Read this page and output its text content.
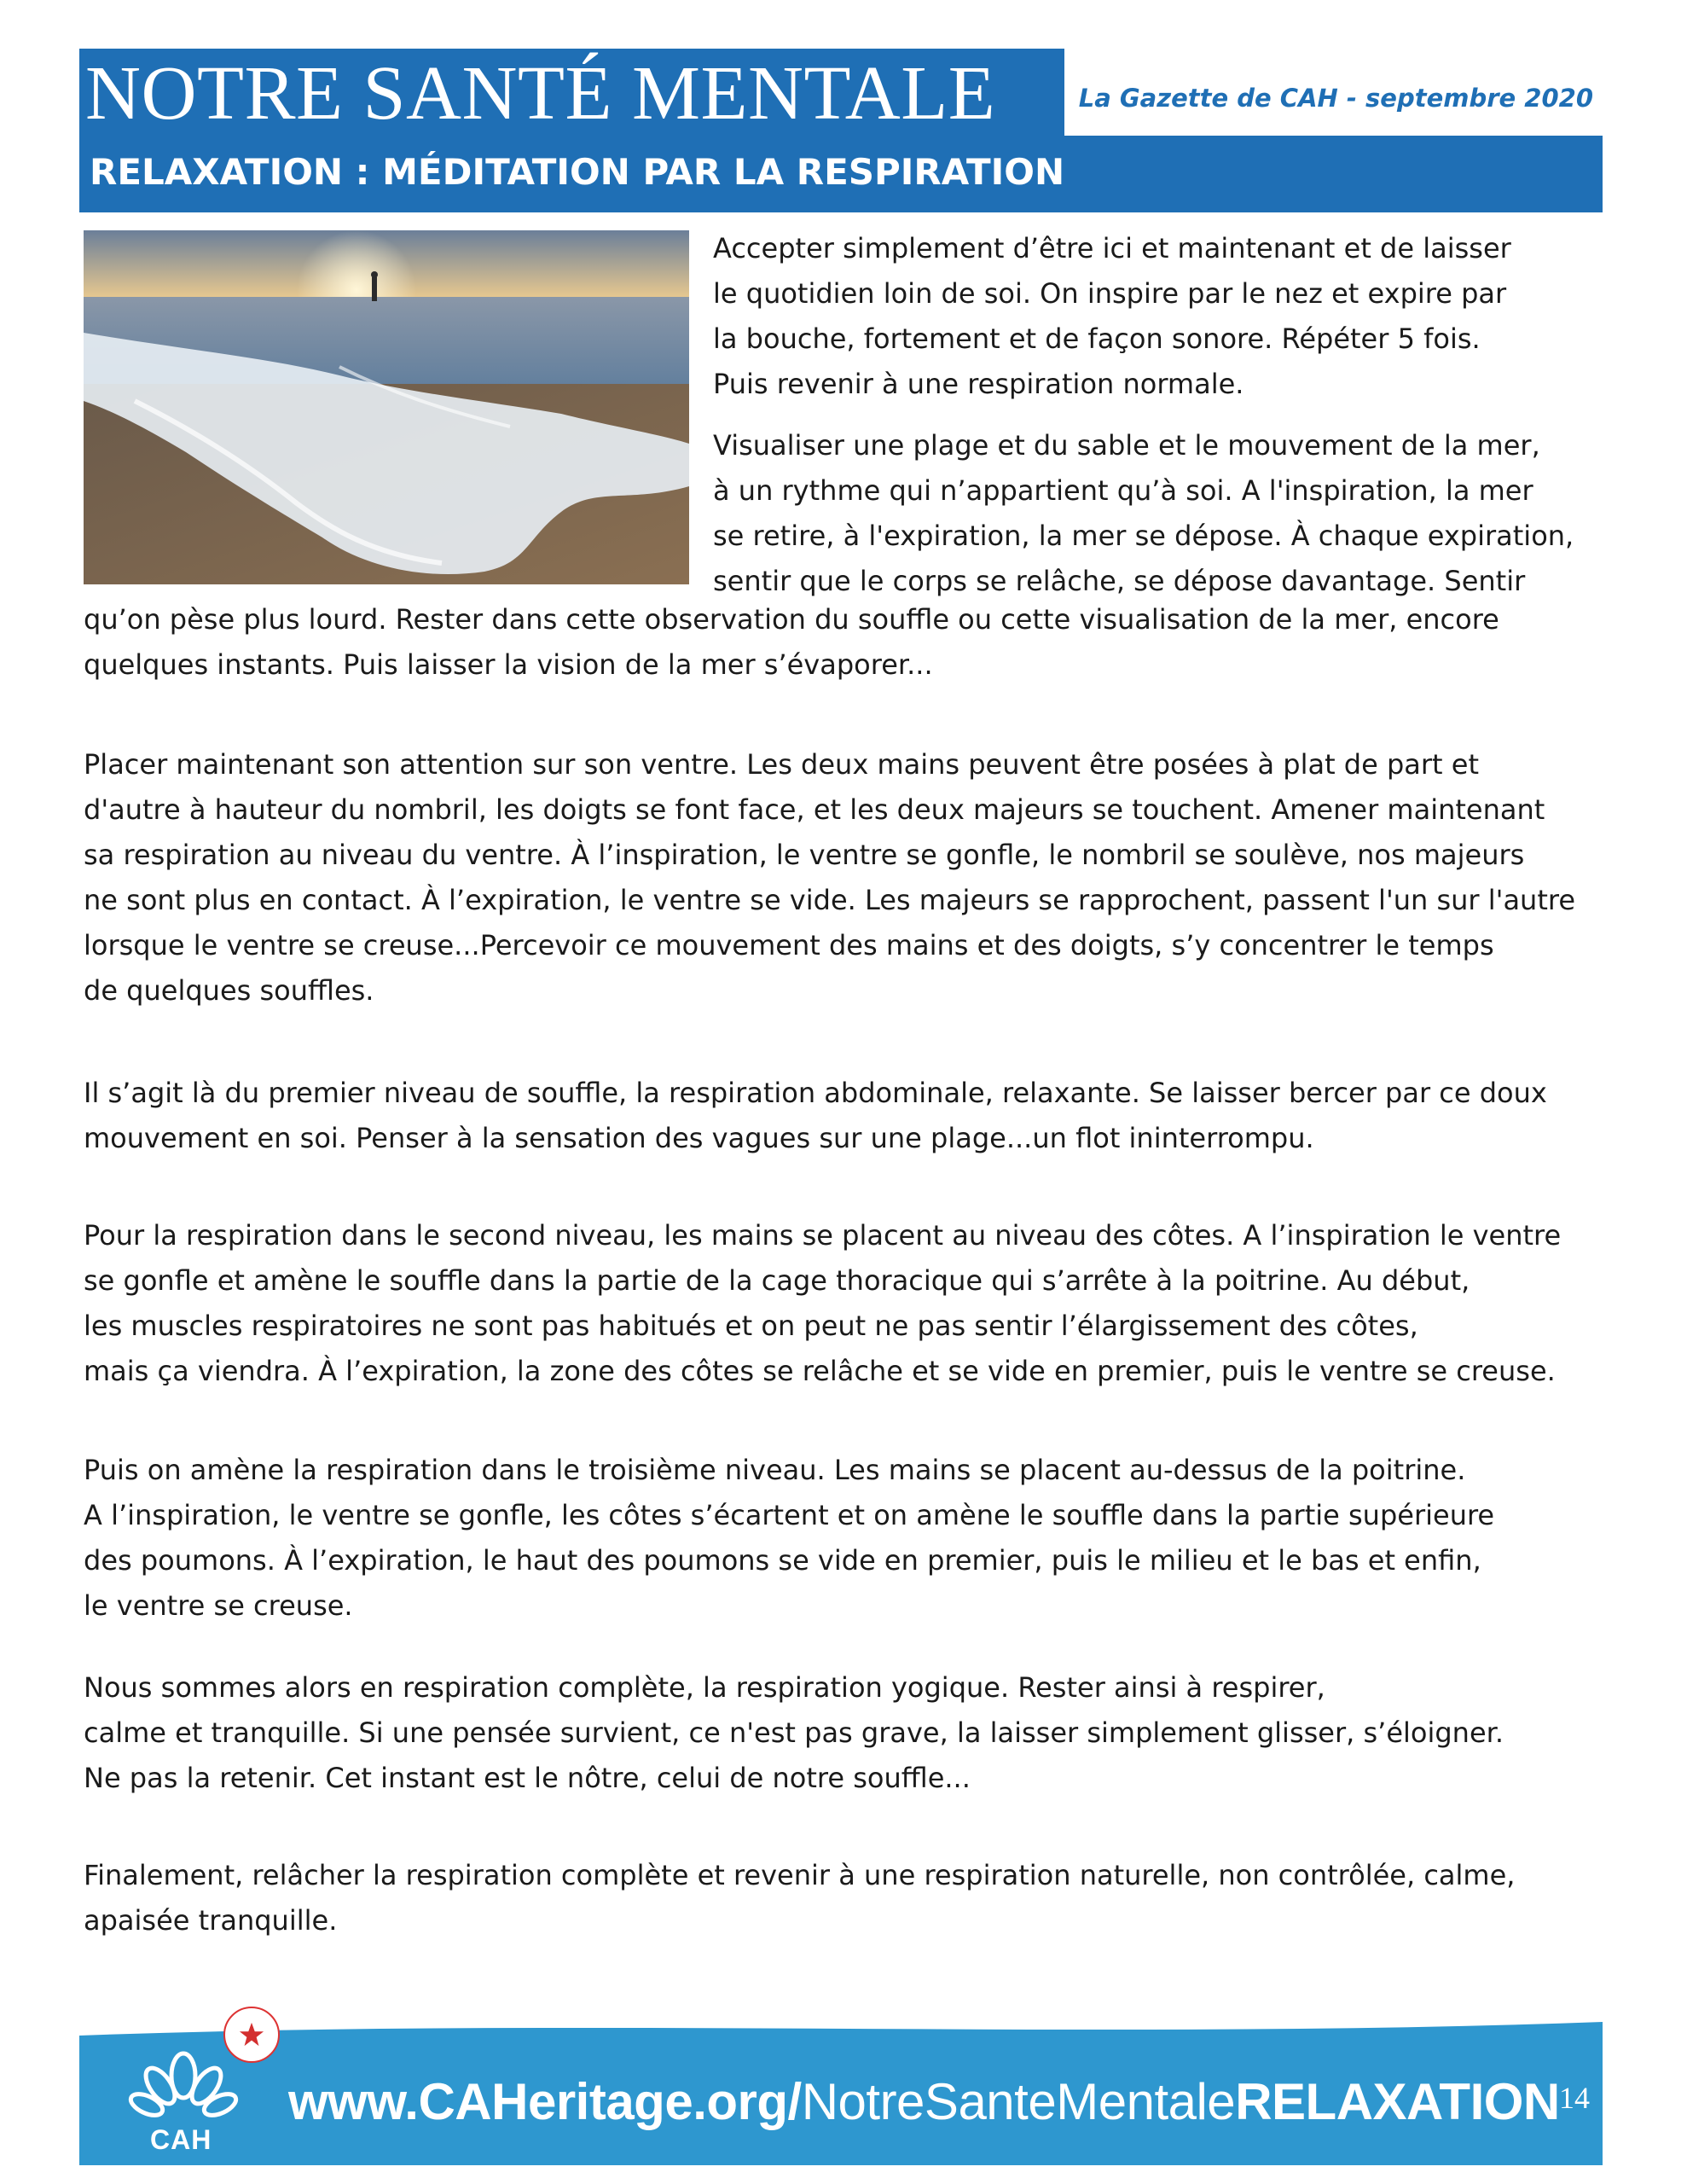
NOTRE SANTÉ MENTALE
RELAXATION : MÉDITATION PAR LA RESPIRATION
La Gazette de CAH - septembre 2020
Accepter simplement d’être ici et maintenant et de laisser
le quotidien loin de soi. On inspire par le nez et expire par
la bouche, fortement et de façon sonore. Répéter 5 fois.
Puis revenir à une respiration normale.
Visualiser une plage et du sable et le mouvement de la mer,
à un rythme qui n’appartient qu’à soi. A l'inspiration, la mer
se retire, à l'expiration, la mer se dépose. À chaque expiration,
sentir que le corps se relâche, se dépose davantage. Sentir
qu’on pèse plus lourd. Rester dans cette observation du souffle ou cette visualisation de la mer, encore
quelques instants. Puis laisser la vision de la mer s’évaporer...
Placer maintenant son attention sur son ventre. Les deux mains peuvent être posées à plat de part et
d'autre à hauteur du nombril, les doigts se font face, et les deux majeurs se touchent. Amener maintenant
sa respiration au niveau du ventre. À l’inspiration, le ventre se gonfle, le nombril se soulève, nos majeurs
ne sont plus en contact. À l’expiration, le ventre se vide. Les majeurs se rapprochent, passent l'un sur l'autre
lorsque le ventre se creuse...Percevoir ce mouvement des mains et des doigts, s’y concentrer le temps
de quelques souffles.
Il s’agit là du premier niveau de souffle, la respiration abdominale, relaxante. Se laisser bercer par ce doux
mouvement en soi. Penser à la sensation des vagues sur une plage...un flot ininterrompu.
Pour la respiration dans le second niveau, les mains se placent au niveau des côtes. A l’inspiration le ventre
se gonfle et amène le souffle dans la partie de la cage thoracique qui s’arrête à la poitrine. Au début,
les muscles respiratoires ne sont pas habitués et on peut ne pas sentir l’élargissement des côtes,
mais ça viendra. À l’expiration, la zone des côtes se relâche et se vide en premier, puis le ventre se creuse.
Puis on amène la respiration dans le troisième niveau. Les mains se placent au-dessus de la poitrine.
A l’inspiration, le ventre se gonfle, les côtes s’écartent et on amène le souffle dans la partie supérieure
des poumons. À l’expiration, le haut des poumons se vide en premier, puis le milieu et le bas et enfin,
le ventre se creuse.
Nous sommes alors en respiration complète, la respiration yogique. Rester ainsi à respirer,
calme et tranquille. Si une pensée survient, ce n'est pas grave, la laisser simplement glisser, s’éloigner.
Ne pas la retenir. Cet instant est le nôtre, celui de notre souffle...
Finalement, relâcher la respiration complète et revenir à une respiration naturelle, non contrôlée, calme,
apaisée tranquille.
CAH
www.CAHeritage.org/NotreSanteMentaleRELAXATION 14
